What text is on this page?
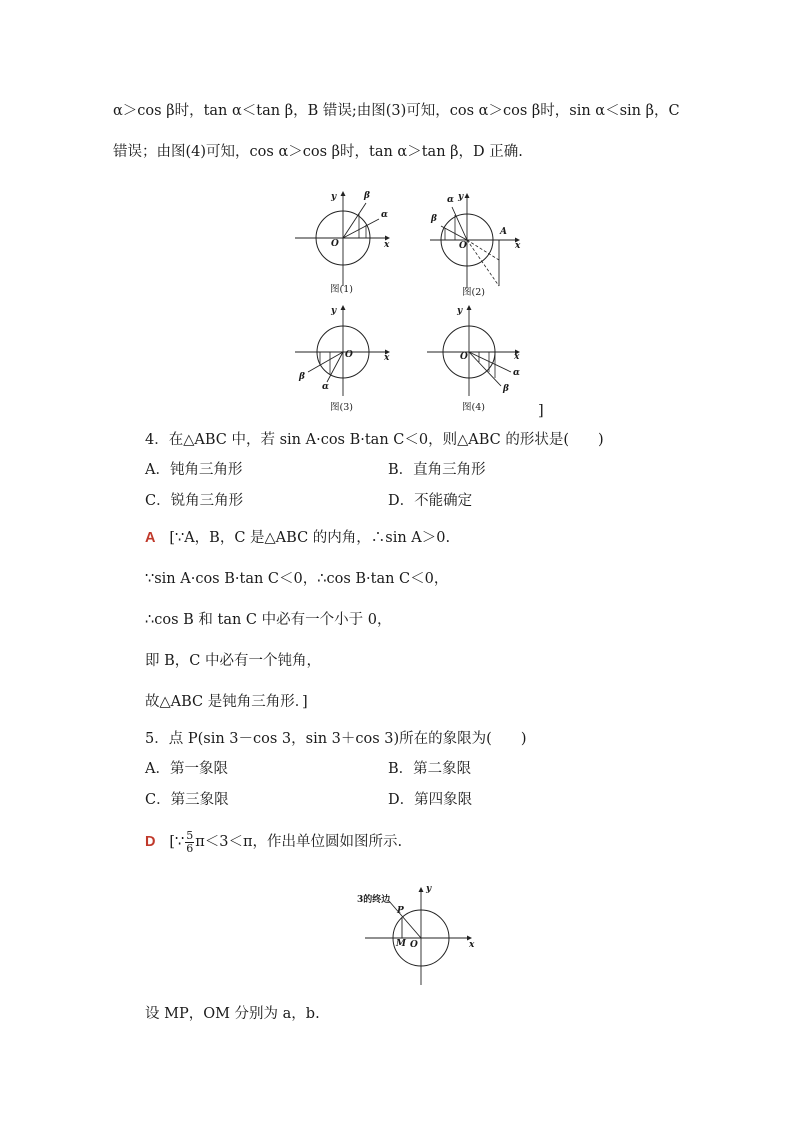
α＞cos β时，tan α＜tan β，B 错误;由图(3)可知，cos α＞cos β时，sin α＜sin β，C
错误；由图(4)可知，cos α＞cos β时，tan α＞tan β，D 正确.
y
x
O
β
α
图(1)
y
x
O
α
β
A
图(2)
y
x
O
β
α
图(3)
y
x
O
α
β
图(4)	]
4．在△ABC 中，若 sin A·cos B·tan C＜0，则△ABC 的形状是(　　)
A．钝角三角形	B．直角三角形
C．锐角三角形	D．不能确定
A [∵A，B，C 是△ABC 的内角，∴sin A＞0.
∵sin A·cos B·tan C＜0，∴cos B·tan C＜0，
∴cos B 和 tan C 中必有一个小于 0，
即 B，C 中必有一个钝角，
故△ABC 是钝角三角形．]
5．点 P(sin 3－cos 3，sin 3＋cos 3)所在的象限为(　　)
A．第一象限	B．第二象限
C．第三象限	D．第四象限
D [∵ $\frac{5}{6} \pi<3<\pi$，作出单位圆如图所示.
3的终边
P
M O	x
y
设 MP，OM 分别为 a，b.
